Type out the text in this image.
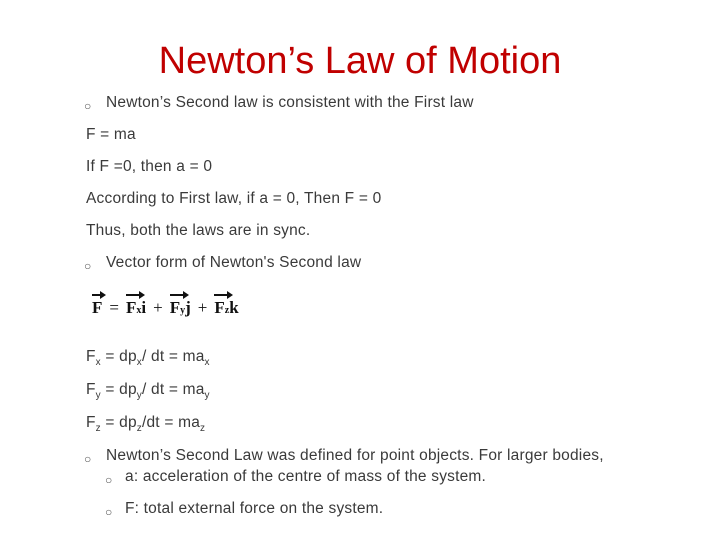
Newton’s Law of Motion
○ Newton’s Second law is consistent with the First law
F = ma
If F =0, then a = 0
According to First law, if a = 0, Then F = 0
Thus, both the laws are in sync.
○ Vector form of Newton's Second law
F = Fxi + Fyj + Fzk
$F_x = dp_x/$ dt = $ma_x$
$F_y = dp_y/$ dt = $ma_y$
$F_z = dp_z/dt = ma_z$
○ Newton’s Second Law was defined for point objects. For larger bodies,
○ a: acceleration of the centre of mass of the system.
○ F: total external force on the system.
